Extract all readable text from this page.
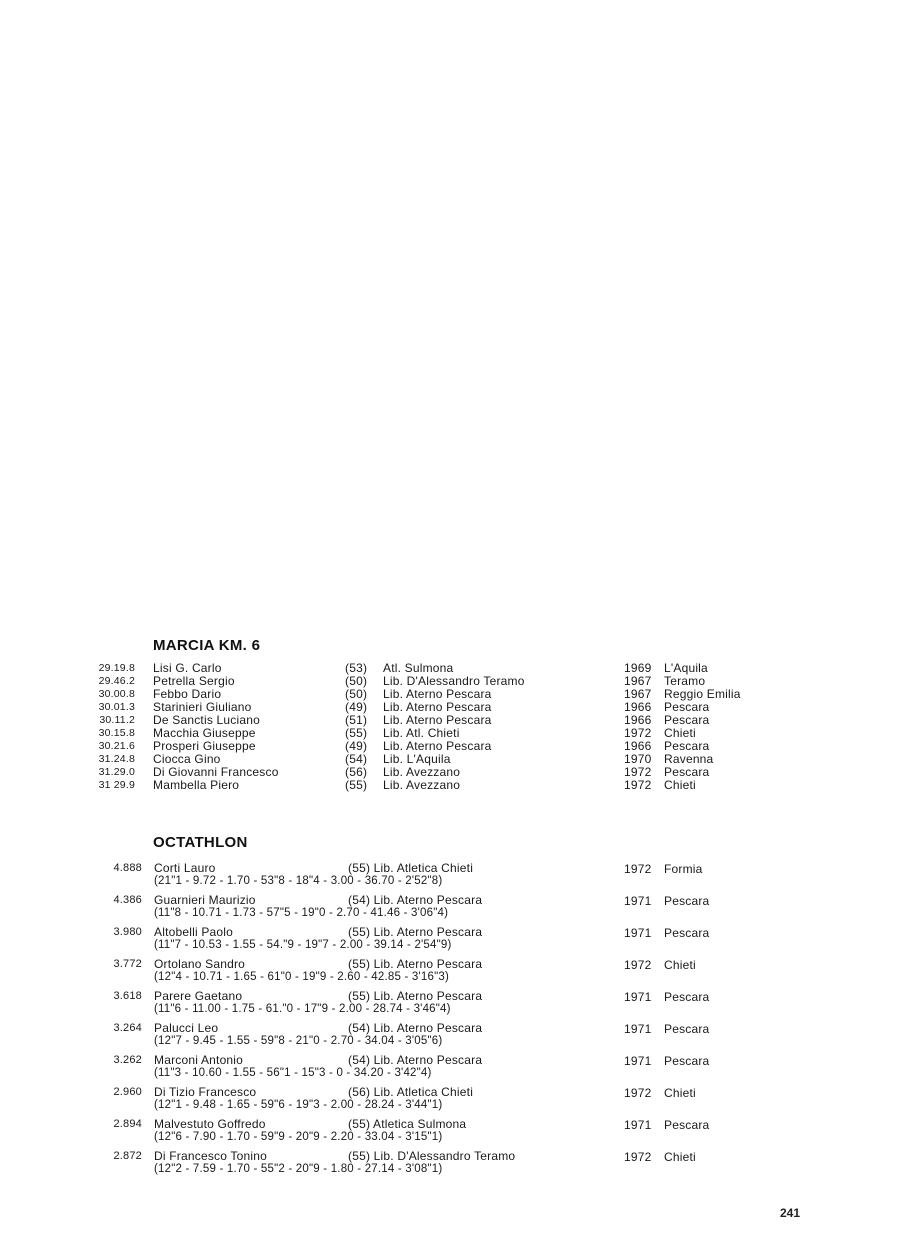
MARCIA KM. 6
29.19.8 Lisi G. Carlo	(53) Atl. Sulmona	1969 L'Aquila
29.46.2 Petrella Sergio	(50) Lib. D'Alessandro Teramo	1967 Teramo
30.00.8 Febbo Dario	(50) Lib. Aterno Pescara	1967 Reggio Emilia
30.01.3 Starinieri Giuliano	(49) Lib. Aterno Pescara	1966 Pescara
30.11.2 De Sanctis Luciano	(51) Lib. Aterno Pescara	1966 Pescara
30.15.8 Macchia Giuseppe	(55) Lib. Atl. Chieti	1972 Chieti
30.21.6 Prosperi Giuseppe	(49) Lib. Aterno Pescara	1966 Pescara
31.24.8 Ciocca Gino	(54) Lib. L'Aquila	1970 Ravenna
31.29.0 Di Giovanni Francesco	(56) Lib. Avezzano	1972 Pescara
31 29.9 Mambella Piero	(55) Lib. Avezzano	1972 Chieti
OCTATHLON
4.888 Corti Lauro	(55) Lib. Atletica Chieti	1972 Formia
(21"1 - 9.72 - 1.70 - 53"8 - 18"4 - 3.00 - 36.70 - 2'52"8)
4.386 Guarnieri Maurizio	(54) Lib. Aterno Pescara	1971 Pescara
(11"8 - 10.71 - 1.73 - 57"5 - 19"0 - 2.70 - 41.46 - 3'06"4)
3.980 Altobelli Paolo	(55) Lib. Aterno Pescara	1971 Pescara
(11"7 - 10.53 - 1.55 - 54."9 - 19"7 - 2.00 - 39.14 - 2'54"9)
3.772 Ortolano Sandro	(55) Lib. Aterno Pescara	1972 Chieti
(12"4 - 10.71 - 1.65 - 61"0 - 19"9 - 2.60 - 42.85 - 3'16"3)
3.618 Parere Gaetano	(55) Lib. Aterno Pescara	1971 Pescara
(11"6 - 11.00 - 1.75 - 61."0 - 17"9 - 2.00 - 28.74 - 3'46"4)
3.264 Palucci Leo	(54) Lib. Aterno Pescara	1971 Pescara
(12"7 - 9.45 - 1.55 - 59"8 - 21"0 - 2.70 - 34.04 - 3'05"6)
3.262 Marconi Antonio	(54) Lib. Aterno Pescara	1971 Pescara
(11"3 - 10.60 - 1.55 - 56"1 - 15"3 - 0 - 34.20 - 3'42"4)
2.960 Di Tizio Francesco	(56) Lib. Atletica Chieti	1972 Chieti
(12"1 - 9.48 - 1.65 - 59"6 - 19"3 - 2.00 - 28.24 - 3'44"1)
2.894 Malvestuto Goffredo	(55) Atletica Sulmona	1971 Pescara
(12"6 - 7.90 - 1.70 - 59"9 - 20"9 - 2.20 - 33.04 - 3'15"1)
2.872 Di Francesco Tonino	(55) Lib. D'Alessandro Teramo	1972 Chieti
(12"2 - 7.59 - 1.70 - 55"2 - 20"9 - 1.80 - 27.14 - 3'08"1)
241
